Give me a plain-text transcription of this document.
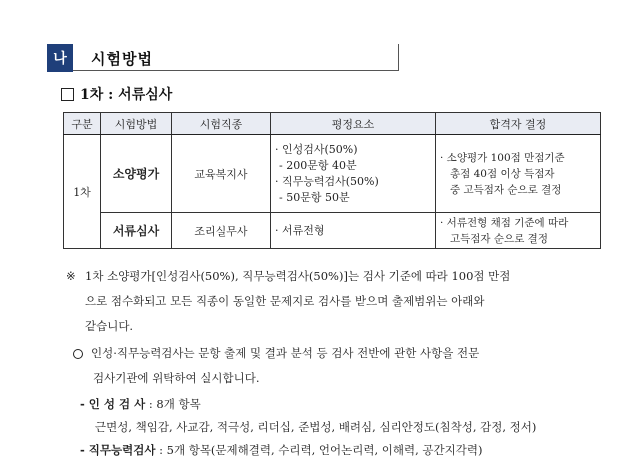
나	시험방법
1차 : 서류심사
구분	시험방법	시험직종	평정요소	합격자 결정
1차	소양평가	교육복지사	· 인성검사(50%)
- 200문항 40분
· 직무능력검사(50%)
- 50문항 50분	· 소양평가 100점 만점기준
총점 40점 이상 득점자
중 고득점자 순으로 결정

	서류심사	조리실무사	· 서류전형	· 서류전형 채점 기준에 따라
고득점자 순으로 결정
※ 1차 소양평가[인성검사(50%), 직무능력검사(50%)]는 검사 기준에 따라 100점 만점
으로 점수화되고 모든 직종이 동일한 문제지로 검사를 받으며 출제범위는 아래와
같습니다.
인성·직무능력검사는 문항 출제 및 결과 분석 등 검사 전반에 관한 사항을 전문
검사기관에 위탁하여 실시합니다.
- 인 성 검 사 : 8개 항목
근면성, 책임감, 사교감, 적극성, 리더십, 준법성, 배려심, 심리안정도(침착성, 감정, 정서)
- 직무능력검사 : 5개 항목(문제해결력, 수리력, 언어논리력, 이해력, 공간지각력)
